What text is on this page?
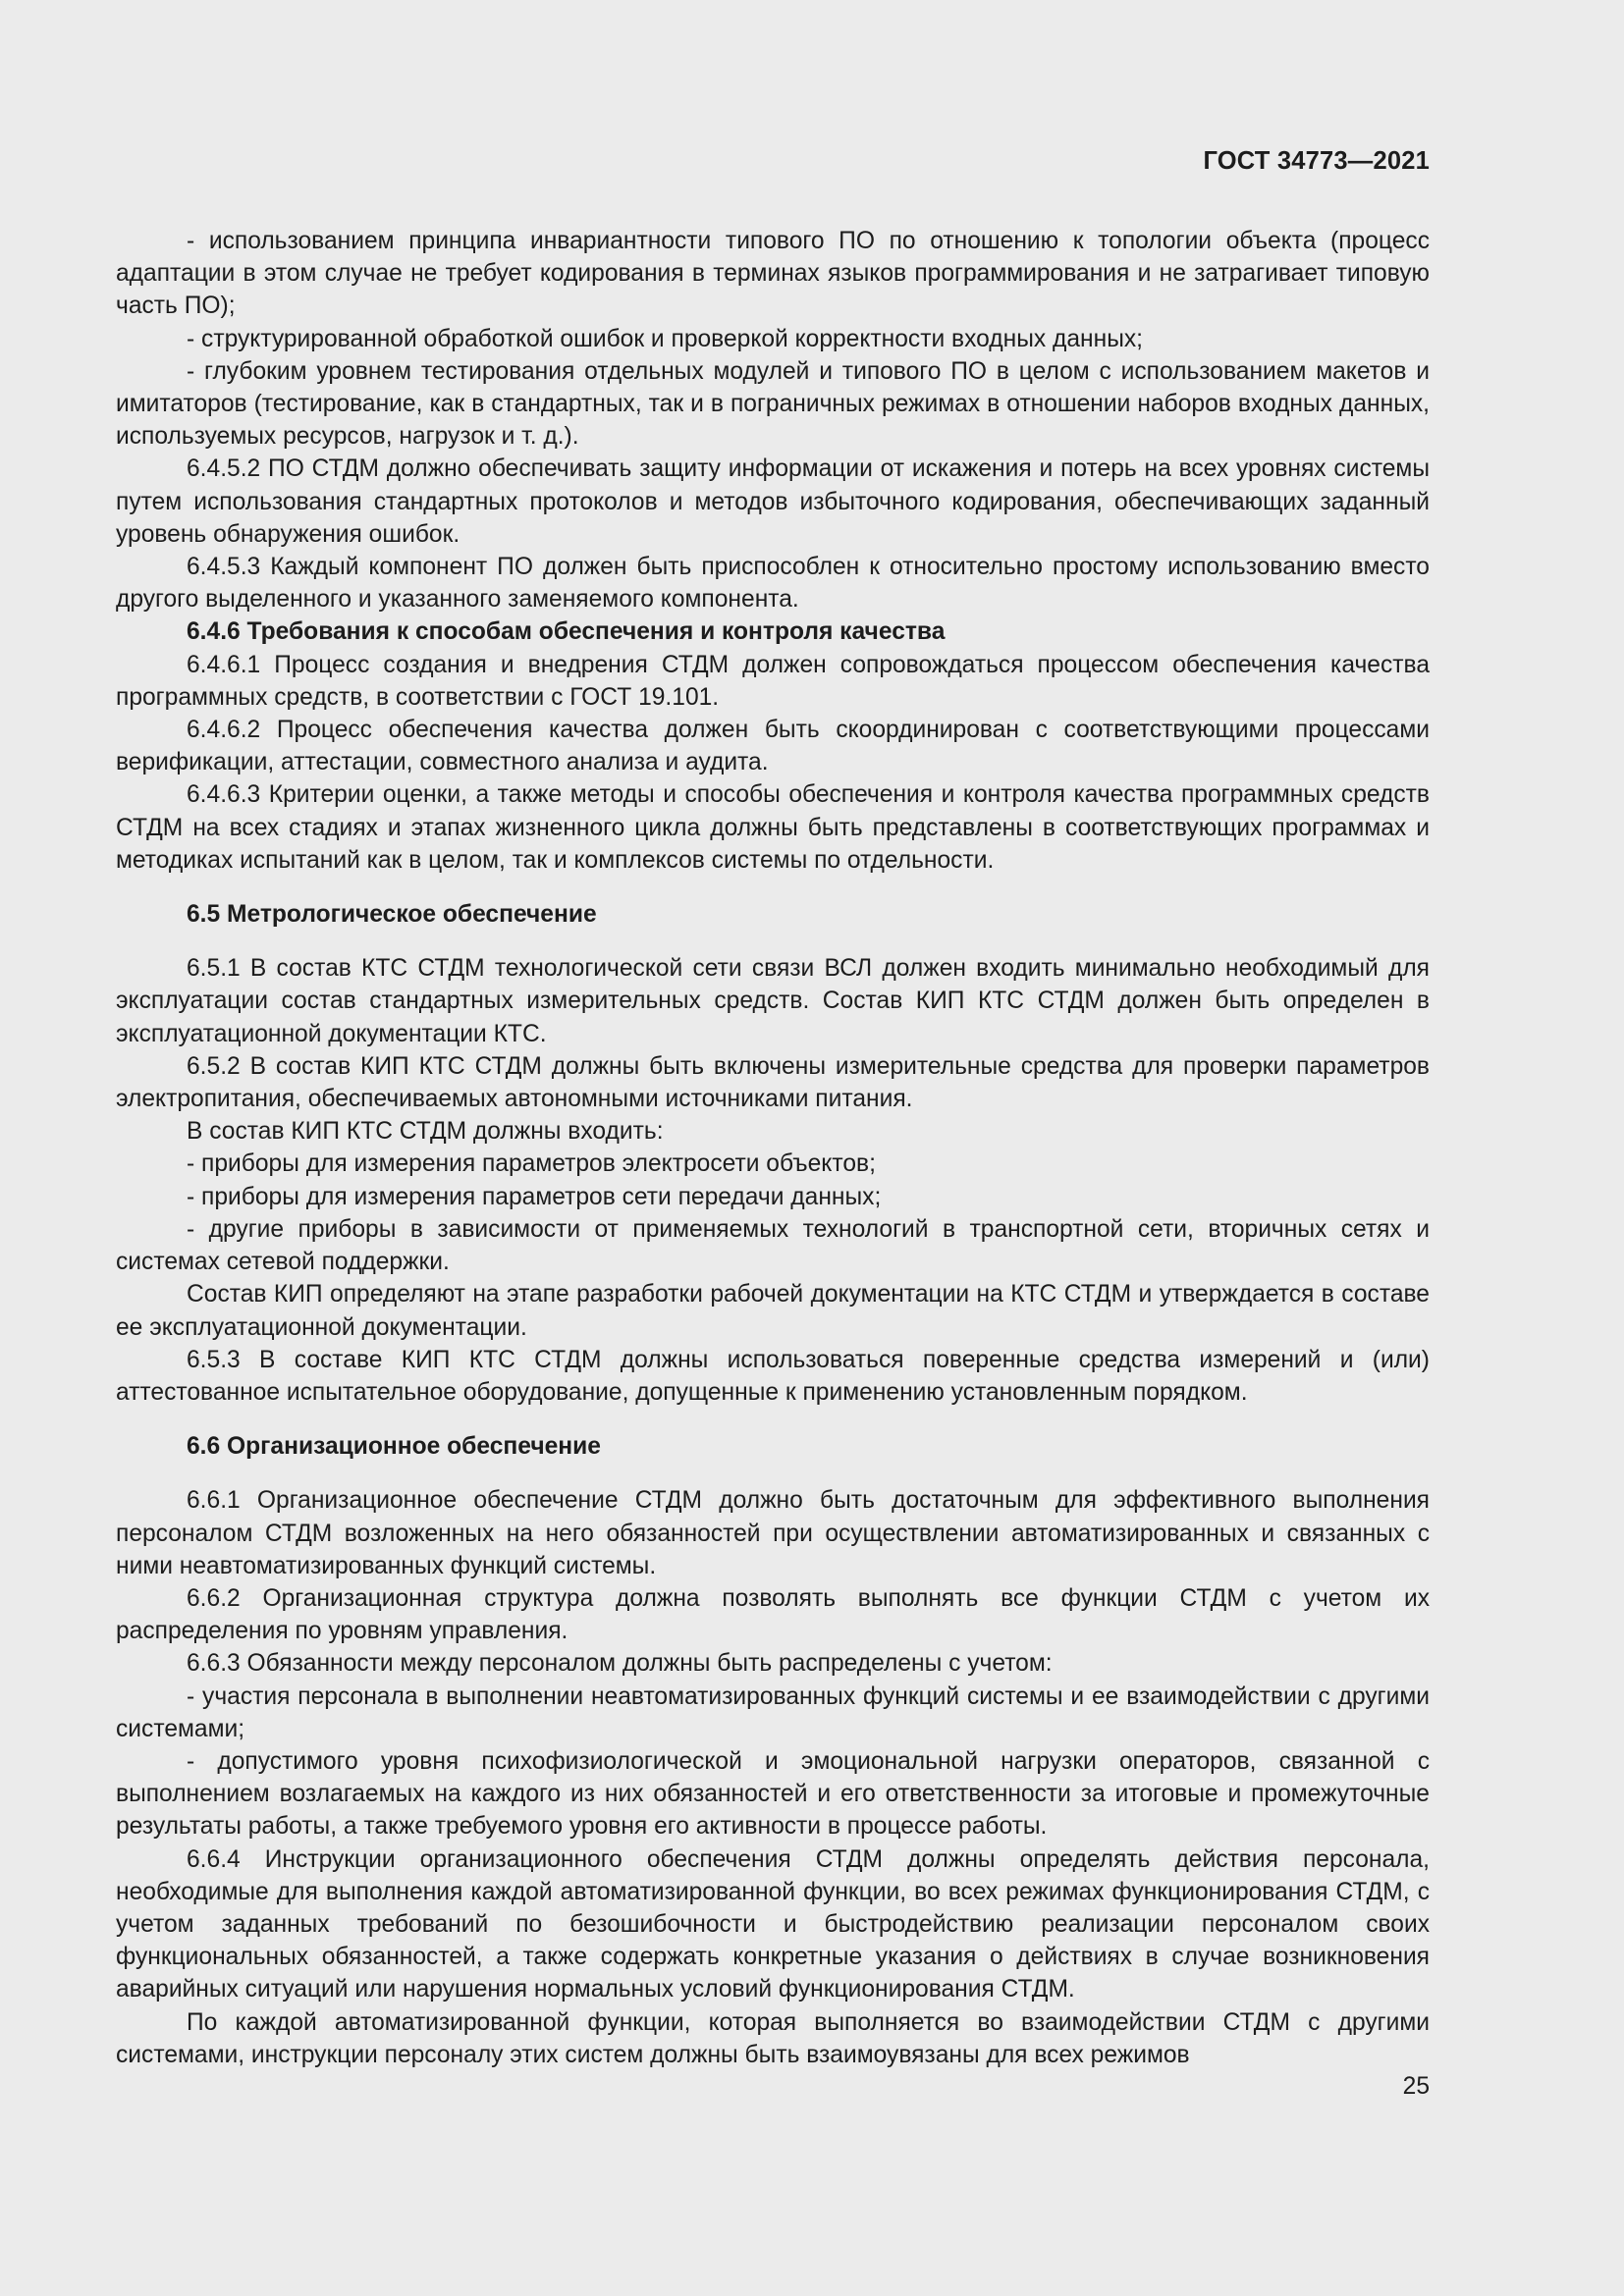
ГОСТ 34773—2021

- использованием принципа инвариантности типового ПО по отношению к топологии объекта (процесс адаптации в этом случае не требует кодирования в терминах языков программирования и не затрагивает типовую часть ПО);

- структурированной обработкой ошибок и проверкой корректности входных данных;

- глубоким уровнем тестирования отдельных модулей и типового ПО в целом с использованием макетов и имитаторов (тестирование, как в стандартных, так и в пограничных режимах в отношении наборов входных данных, используемых ресурсов, нагрузок и т. д.).

6.4.5.2 ПО СТДМ должно обеспечивать защиту информации от искажения и потерь на всех уровнях системы путем использования стандартных протоколов и методов избыточного кодирования, обеспечивающих заданный уровень обнаружения ошибок.

6.4.5.3 Каждый компонент ПО должен быть приспособлен к относительно простому использованию вместо другого выделенного и указанного заменяемого компонента.

6.4.6 Требования к способам обеспечения и контроля качества

6.4.6.1 Процесс создания и внедрения СТДМ должен сопровождаться процессом обеспечения качества программных средств, в соответствии с ГОСТ 19.101.

6.4.6.2 Процесс обеспечения качества должен быть скоординирован с соответствующими процессами верификации, аттестации, совместного анализа и аудита.

6.4.6.3 Критерии оценки, а также методы и способы обеспечения и контроля качества программных средств СТДМ на всех стадиях и этапах жизненного цикла должны быть представлены в соответствующих программах и методиках испытаний как в целом, так и комплексов системы по отдельности.

6.5 Метрологическое обеспечение

6.5.1 В состав КТС СТДМ технологической сети связи ВСЛ должен входить минимально необходимый для эксплуатации состав стандартных измерительных средств. Состав КИП КТС СТДМ должен быть определен в эксплуатационной документации КТС.

6.5.2 В состав КИП КТС СТДМ должны быть включены измерительные средства для проверки параметров электропитания, обеспечиваемых автономными источниками питания.

В состав КИП КТС СТДМ должны входить:

- приборы для измерения параметров электросети объектов;

- приборы для измерения параметров сети передачи данных;

- другие приборы в зависимости от применяемых технологий в транспортной сети, вторичных сетях и системах сетевой поддержки.

Состав КИП определяют на этапе разработки рабочей документации на КТС СТДМ и утверждается в составе ее эксплуатационной документации.

6.5.3 В составе КИП КТС СТДМ должны использоваться поверенные средства измерений и (или) аттестованное испытательное оборудование, допущенные к применению установленным порядком.

6.6 Организационное обеспечение

6.6.1 Организационное обеспечение СТДМ должно быть достаточным для эффективного выполнения персоналом СТДМ возложенных на него обязанностей при осуществлении автоматизированных и связанных с ними неавтоматизированных функций системы.

6.6.2 Организационная структура должна позволять выполнять все функции СТДМ с учетом их распределения по уровням управления.

6.6.3 Обязанности между персоналом должны быть распределены с учетом:

- участия персонала в выполнении неавтоматизированных функций системы и ее взаимодействии с другими системами;

- допустимого уровня психофизиологической и эмоциональной нагрузки операторов, связанной с выполнением возлагаемых на каждого из них обязанностей и его ответственности за итоговые и промежуточные результаты работы, а также требуемого уровня его активности в процессе работы.

6.6.4 Инструкции организационного обеспечения СТДМ должны определять действия персонала, необходимые для выполнения каждой автоматизированной функции, во всех режимах функционирования СТДМ, с учетом заданных требований по безошибочности и быстродействию реализации персоналом своих функциональных обязанностей, а также содержать конкретные указания о действиях в случае возникновения аварийных ситуаций или нарушения нормальных условий функционирования СТДМ.

По каждой автоматизированной функции, которая выполняется во взаимодействии СТДМ с другими системами, инструкции персоналу этих систем должны быть взаимоувязаны для всех режимов

25
